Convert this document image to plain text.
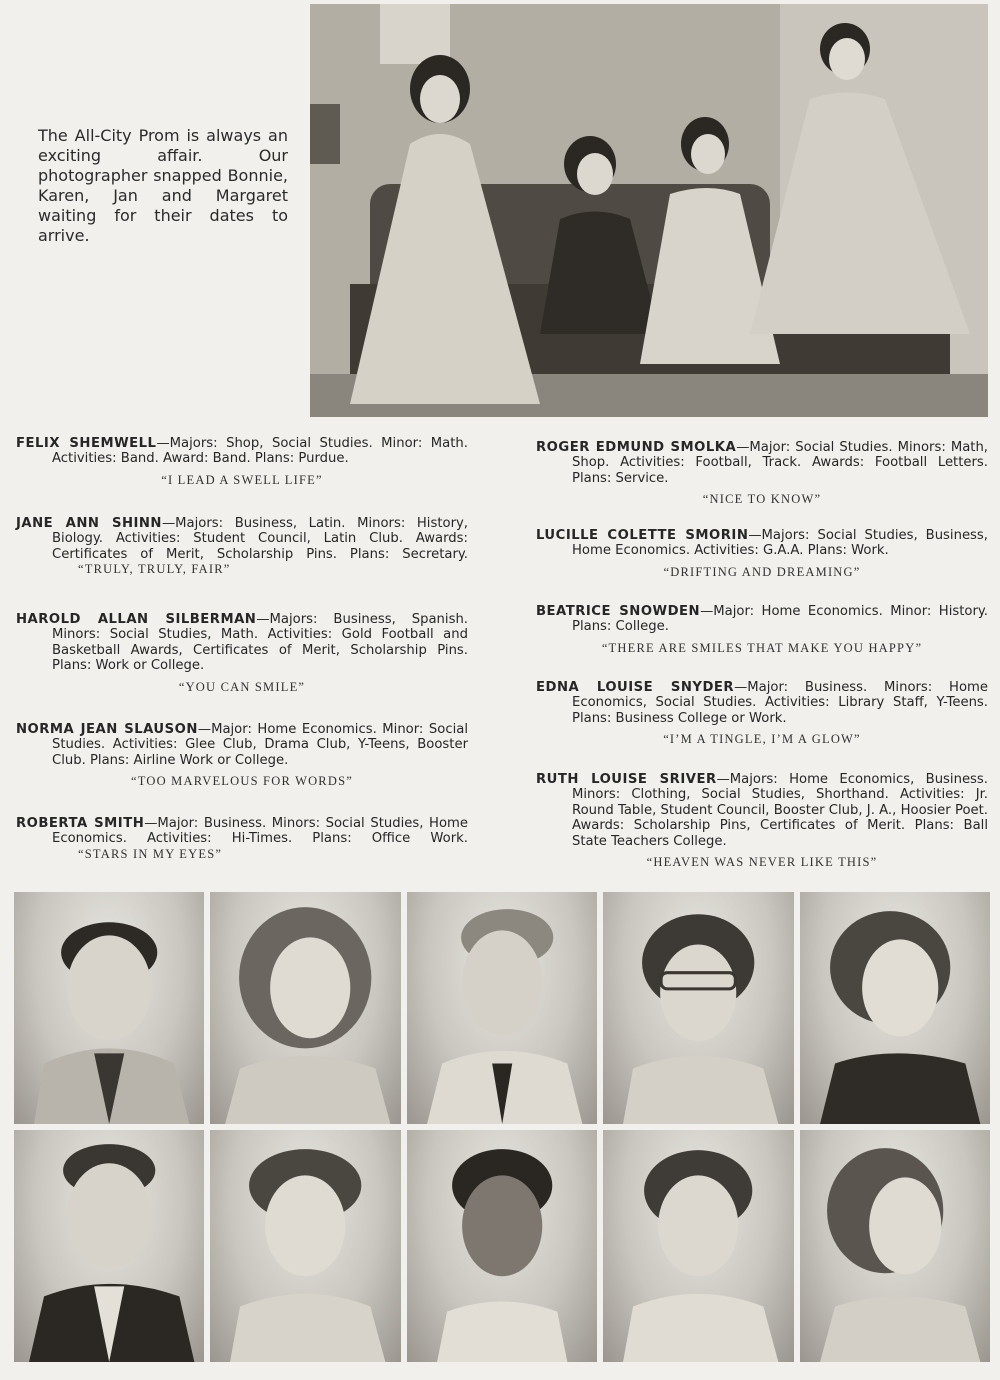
The All-City Prom is always an exciting affair. Our photographer snapped Bonnie, Karen, Jan and Margaret waiting for their dates to arrive.
FELIX SHEMWELL—Majors: Shop, Social Studies. Minor: Math. Activities: Band. Award: Band. Plans: Purdue.
“I LEAD A SWELL LIFE”
JANE ANN SHINN—Majors: Business, Latin. Minors: History, Biology. Activities: Student Council, Latin Club. Awards: Certificates of Merit, Scholarship Pins. Plans: Secretary. “TRULY, TRULY, FAIR”
HAROLD ALLAN SILBERMAN—Majors: Business, Spanish. Minors: Social Studies, Math. Activities: Gold Football and Basketball Awards, Certificates of Merit, Scholarship Pins. Plans: Work or College.
“YOU CAN SMILE”
NORMA JEAN SLAUSON—Major: Home Economics. Minor: Social Studies. Activities: Glee Club, Drama Club, Y-Teens, Booster Club. Plans: Airline Work or College.
“TOO MARVELOUS FOR WORDS”
ROBERTA SMITH—Major: Business. Minors: Social Studies, Home Economics. Activities: Hi-Times. Plans: Office Work. “STARS IN MY EYES”
ROGER EDMUND SMOLKA—Major: Social Studies. Minors: Math, Shop. Activities: Football, Track. Awards: Football Letters. Plans: Service.
“NICE TO KNOW”
LUCILLE COLETTE SMORIN—Majors: Social Studies, Business, Home Economics. Activities: G.A.A. Plans: Work.
“DRIFTING AND DREAMING”
BEATRICE SNOWDEN—Major: Home Economics. Minor: History. Plans: College.
“THERE ARE SMILES THAT MAKE YOU HAPPY”
EDNA LOUISE SNYDER—Major: Business. Minors: Home Economics, Social Studies. Activities: Library Staff, Y-Teens. Plans: Business College or Work.
“I’M A TINGLE, I’M A GLOW”
RUTH LOUISE SRIVER—Majors: Home Economics, Business. Minors: Clothing, Social Studies, Shorthand. Activities: Jr. Round Table, Student Council, Booster Club, J. A., Hoosier Poet. Awards: Scholarship Pins, Certificates of Merit. Plans: Ball State Teachers College.
“HEAVEN WAS NEVER LIKE THIS”
